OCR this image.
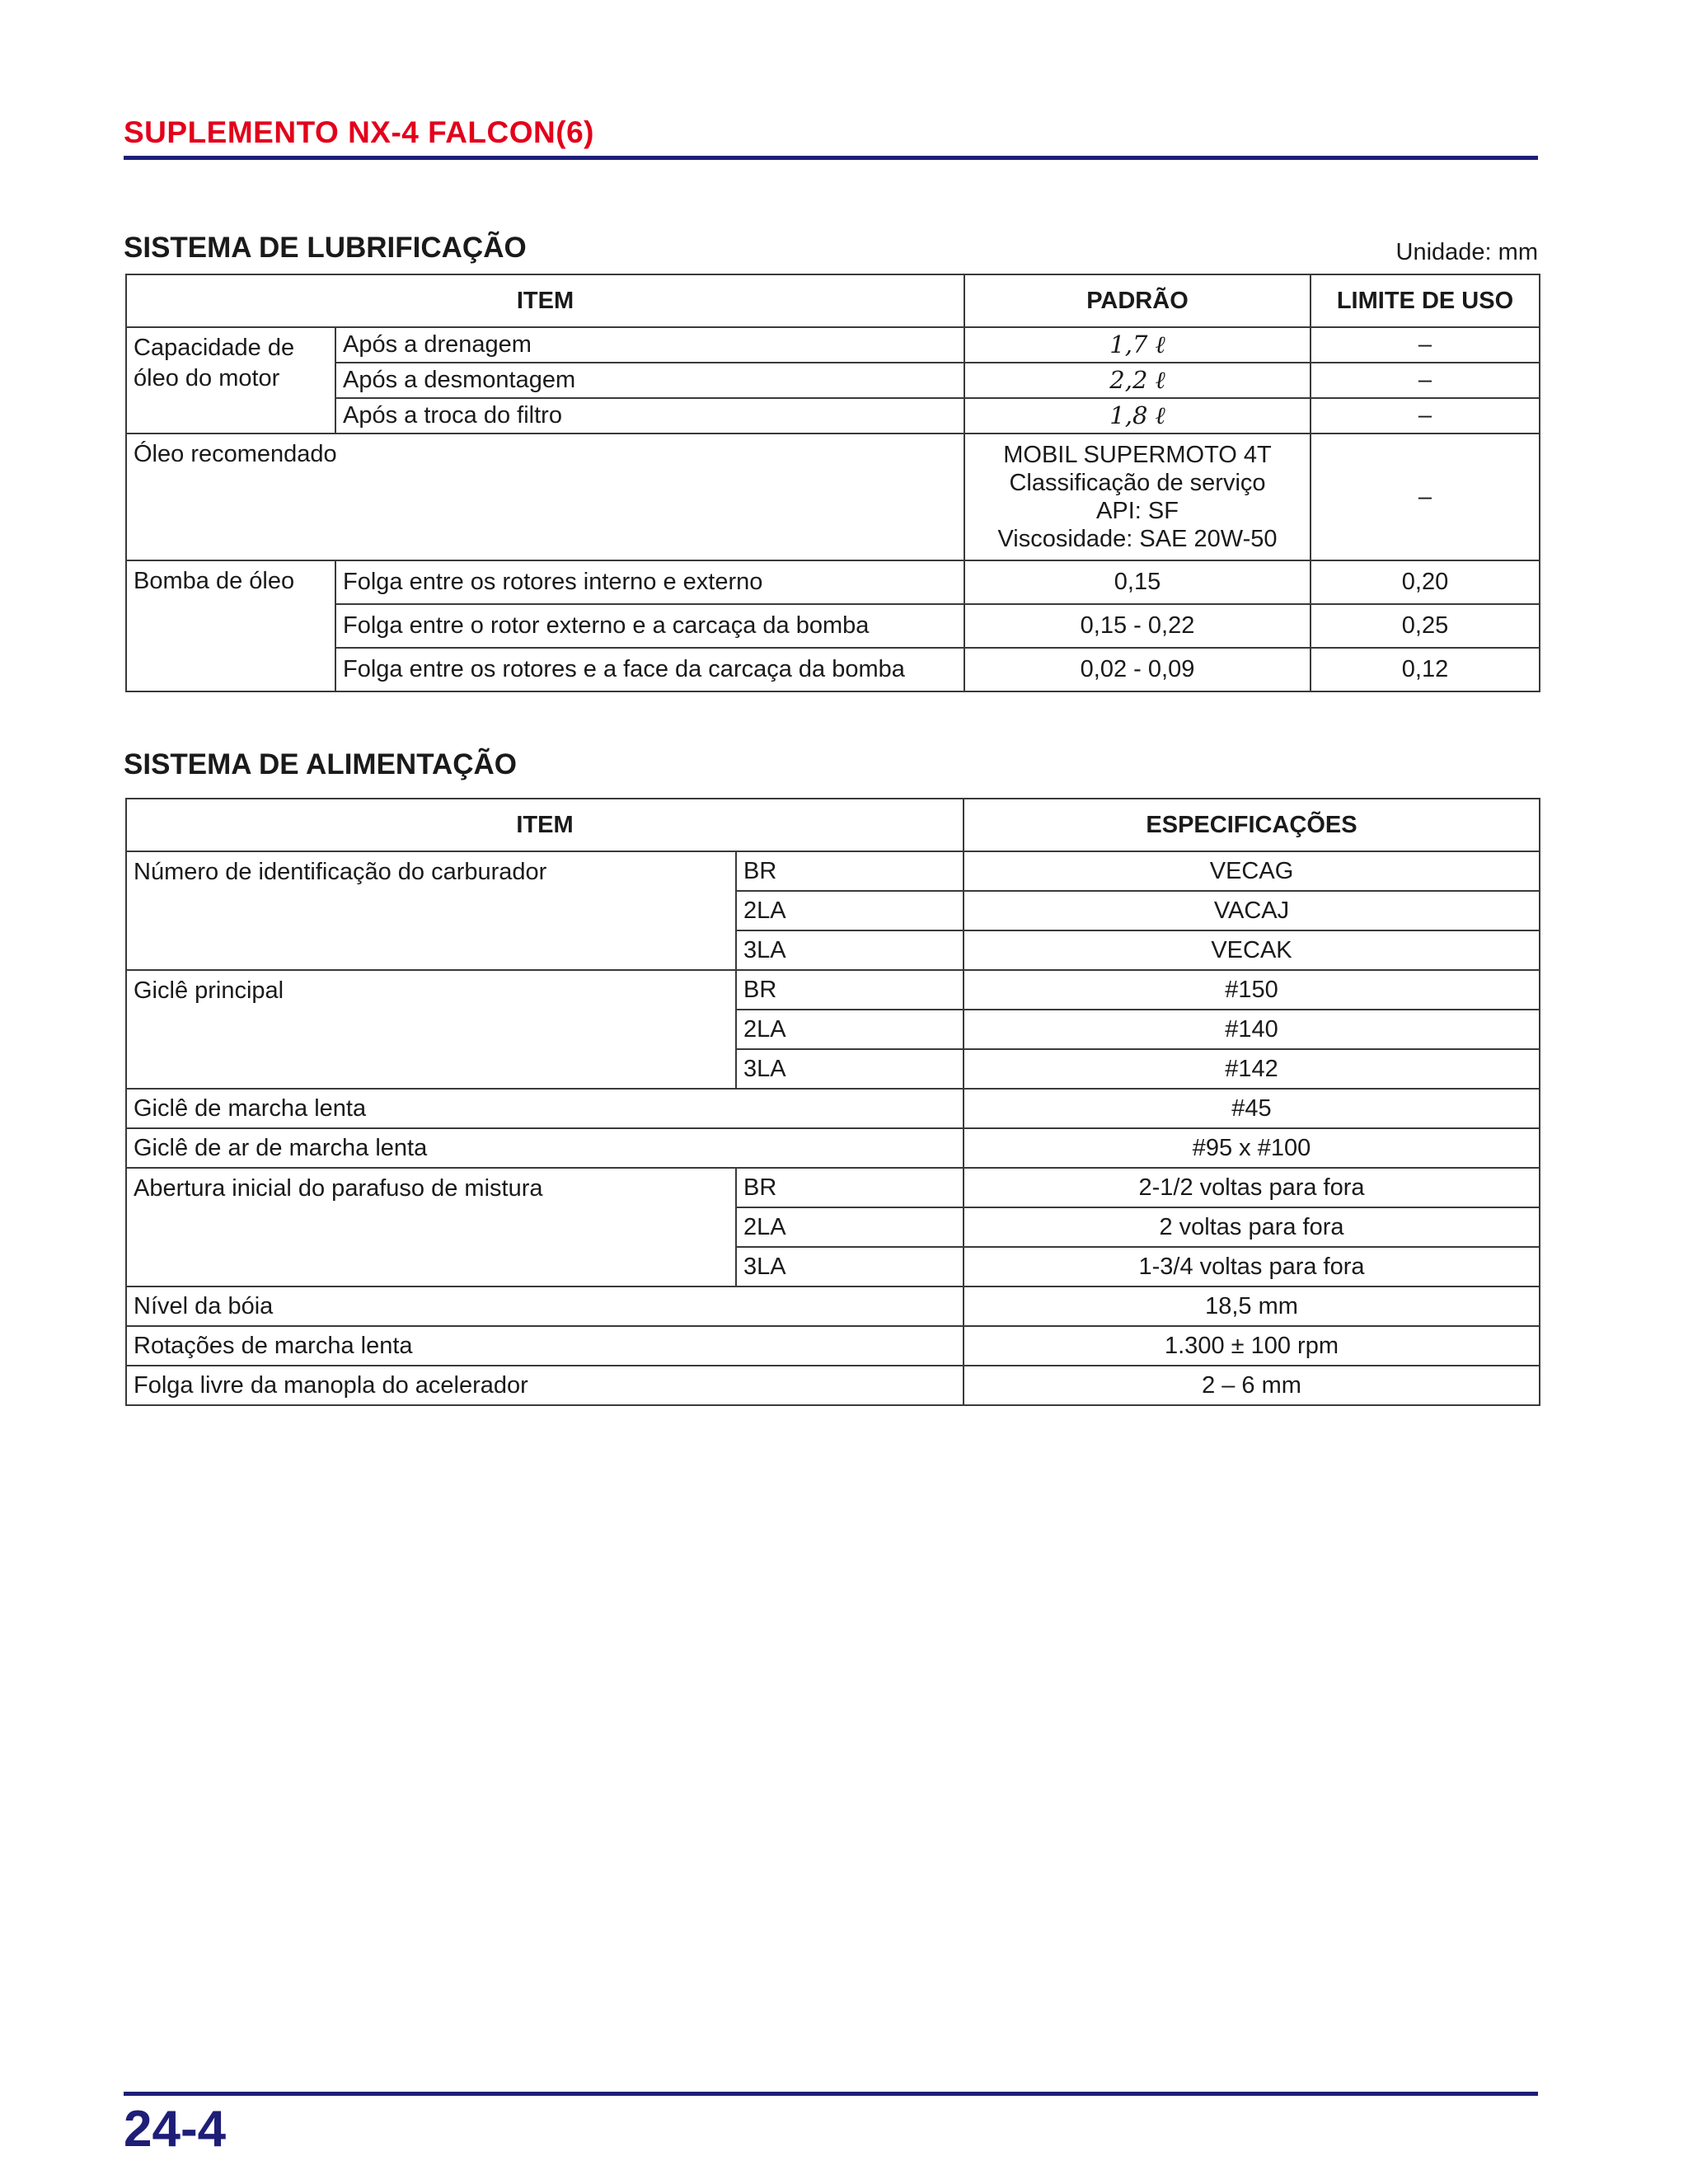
SUPLEMENTO NX-4 FALCON(6)
SISTEMA DE LUBRIFICAÇÃO	Unidade: mm
ITEM		PADRÃO	LIMITE DE USO
Capacidade de óleo do motor	Após a drenagem	1,7 ℓ	–
	Após a desmontagem	2,2 ℓ	–
	Após a troca do filtro	1,8 ℓ	–
Óleo recomendado		MOBIL SUPERMOTO 4T
Classificação de serviço
API: SF
Viscosidade: SAE 20W-50	–
Bomba de óleo	Folga entre os rotores interno e externo	0,15	0,20
	Folga entre o rotor externo e a carcaça da bomba	0,15 - 0,22	0,25
	Folga entre os rotores e a face da carcaça da bomba	0,02 - 0,09	0,12
SISTEMA DE ALIMENTAÇÃO
ITEM		ESPECIFICAÇÕES
Número de identificação do carburador	BR	VECAG
	2LA	VACAJ
	3LA	VECAK
Giclê principal	BR	#150
	2LA	#140
	3LA	#142
Giclê de marcha lenta		#45
Giclê de ar de marcha lenta		#95 x #100
Abertura inicial do parafuso de mistura	BR	2-1/2 voltas para fora
	2LA	2 voltas para fora
	3LA	1-3/4 voltas para fora
Nível da bóia		18,5 mm
Rotações de marcha lenta		1.300 ± 100 rpm
Folga livre da manopla do acelerador		2 – 6 mm
24-4
